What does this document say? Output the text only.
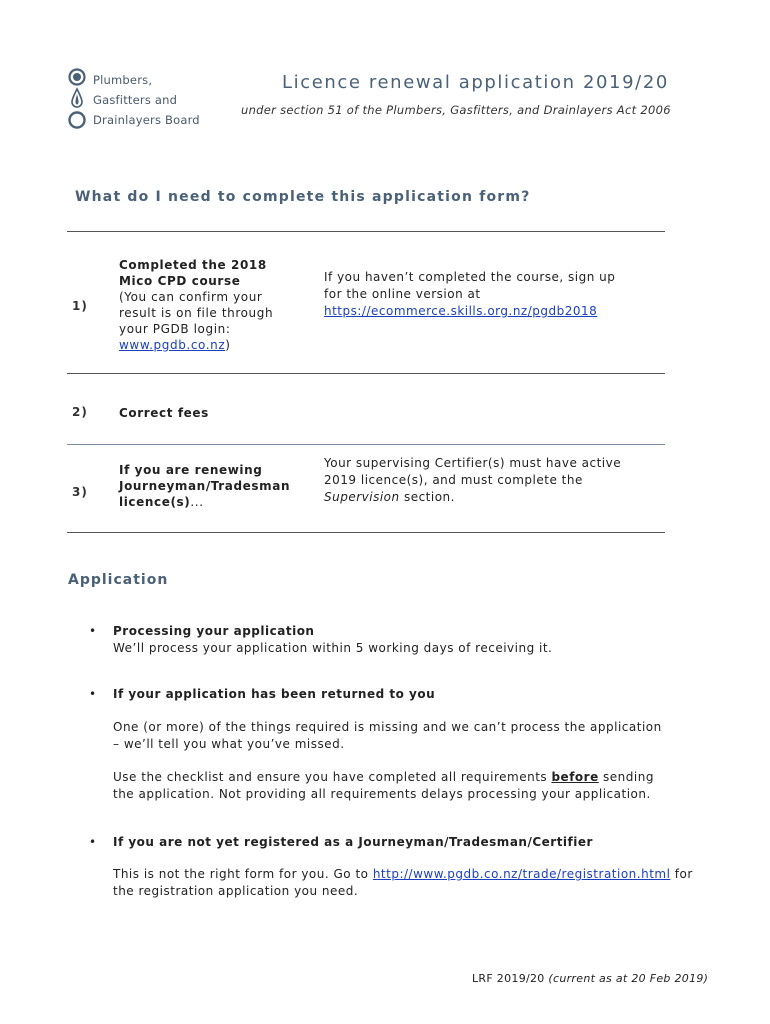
Plumbers,
Gasfitters and
Drainlayers Board
Licence renewal application 2019/20
under section 51 of the Plumbers, Gasfitters, and Drainlayers Act 2006
What do I need to complete this application form?
1)
Completed the 2018
Mico CPD course
(You can confirm your
result is on file through
your PGDB login:
www.pgdb.co.nz)
If you haven’t completed the course, sign up
for the online version at
https://ecommerce.skills.org.nz/pgdb2018
2)	Correct fees
3)
If you are renewing
Journeyman/Tradesman
licence(s)...
Your supervising Certifier(s) must have active
2019 licence(s), and must complete the
Supervision section.
Application
• Processing your application
We’ll process your application within 5 working days of receiving it.
• If your application has been returned to you
One (or more) of the things required is missing and we can’t process the application
– we’ll tell you what you’ve missed.
Use the checklist and ensure you have completed all requirements before sending
the application. Not providing all requirements delays processing your application.
• If you are not yet registered as a Journeyman/Tradesman/Certifier
This is not the right form for you. Go to http://www.pgdb.co.nz/trade/registration.html for
the registration application you need.
LRF 2019/20 (current as at 20 Feb 2019)
